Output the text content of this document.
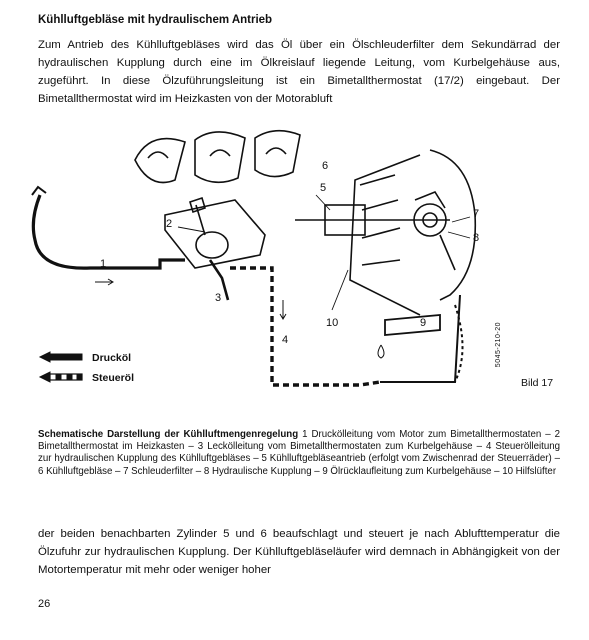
Kühlluftgebläse mit hydraulischem Antrieb

Zum Antrieb des Kühlluftgebläses wird das Öl über ein Ölschleuderfilter dem Sekundärrad der hydraulischen Kupplung durch eine im Ölkreislauf liegende Leitung, vom Kurbelgehäuse aus, zugeführt. In diese Ölzuführungsleitung ist ein Bimetallthermostat (17/2) eingebaut. Der Bimetallthermostat wird im Heizkasten von der Motorabluft

1
2
3
4
5
6
7
8
9
10
Drucköl
Steueröl
5045-210-20
Bild 17

Schematische Darstellung der Kühlluftmengenregelung 1 Druckölleitung vom Motor zum Bimetallthermostaten – 2 Bimetallthermostat im Heizkasten – 3 Leckölleitung vom Bimetallthermostaten zum Kurbelgehäuse – 4 Steuerölleitung zur hydraulischen Kupplung des Kühlluftgebläses – 5 Kühlluftgebläseantrieb (erfolgt vom Zwischenrad der Steuerräder) – 6 Kühlluftgebläse – 7 Schleuderfilter – 8 Hydraulische Kupplung – 9 Ölrücklaufleitung zum Kurbelgehäuse – 10 Hilfslüfter

der beiden benachbarten Zylinder 5 und 6 beaufschlagt und steuert je nach Ablufttemperatur die Ölzufuhr zur hydraulischen Kupplung. Der Kühlluftgebläseläufer wird demnach in Abhängigkeit von der Motortemperatur mit mehr oder weniger hoher

26
